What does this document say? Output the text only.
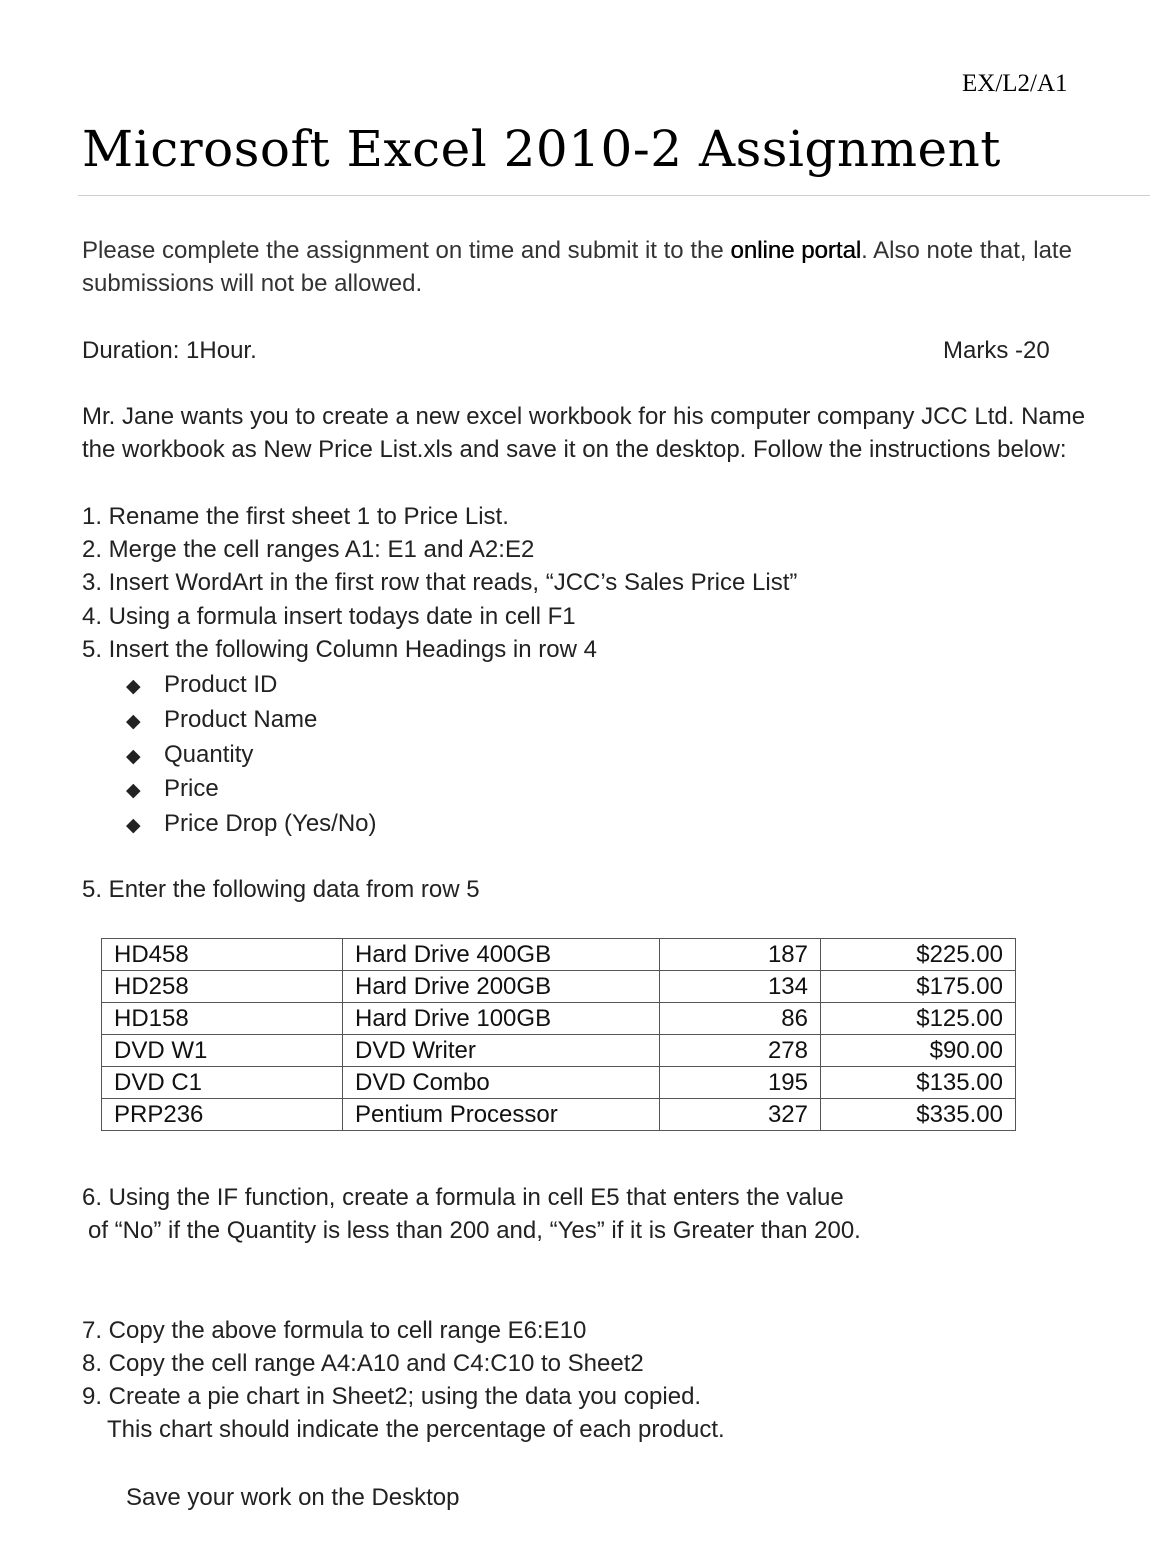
EX/L2/A1
Microsoft Excel 2010-2 Assignment
Please complete the assignment on time and submit it to the online portal. Also note that, late
submissions will not be allowed.
Duration: 1Hour.	Marks -20
Mr. Jane wants you to create a new excel workbook for his computer company JCC Ltd. Name
the workbook as New Price List.xls and save it on the desktop. Follow the instructions below:
1. Rename the first sheet 1 to Price List.
2. Merge the cell ranges A1: E1 and A2:E2
3. Insert WordArt in the first row that reads, “JCC’s Sales Price List”
4. Using a formula insert todays date in cell F1
5. Insert the following Column Headings in row 4
◆ Product ID
◆ Product Name
◆ Quantity
◆ Price
◆ Price Drop (Yes/No)
5. Enter the following data from row 5
HD458	Hard Drive 400GB	187	$225.00
HD258	Hard Drive 200GB	134	$175.00
HD158	Hard Drive 100GB	86	$125.00
DVD W1	DVD Writer	278	$90.00
DVD C1	DVD Combo	195	$135.00
PRP236	Pentium Processor	327	$335.00
6. Using the IF function, create a formula in cell E5 that enters the value
of “No” if the Quantity is less than 200 and, “Yes” if it is Greater than 200.
7. Copy the above formula to cell range E6:E10
8. Copy the cell range A4:A10 and C4:C10 to Sheet2
9. Create a pie chart in Sheet2; using the data you copied.
This chart should indicate the percentage of each product.
Save your work on the Desktop
